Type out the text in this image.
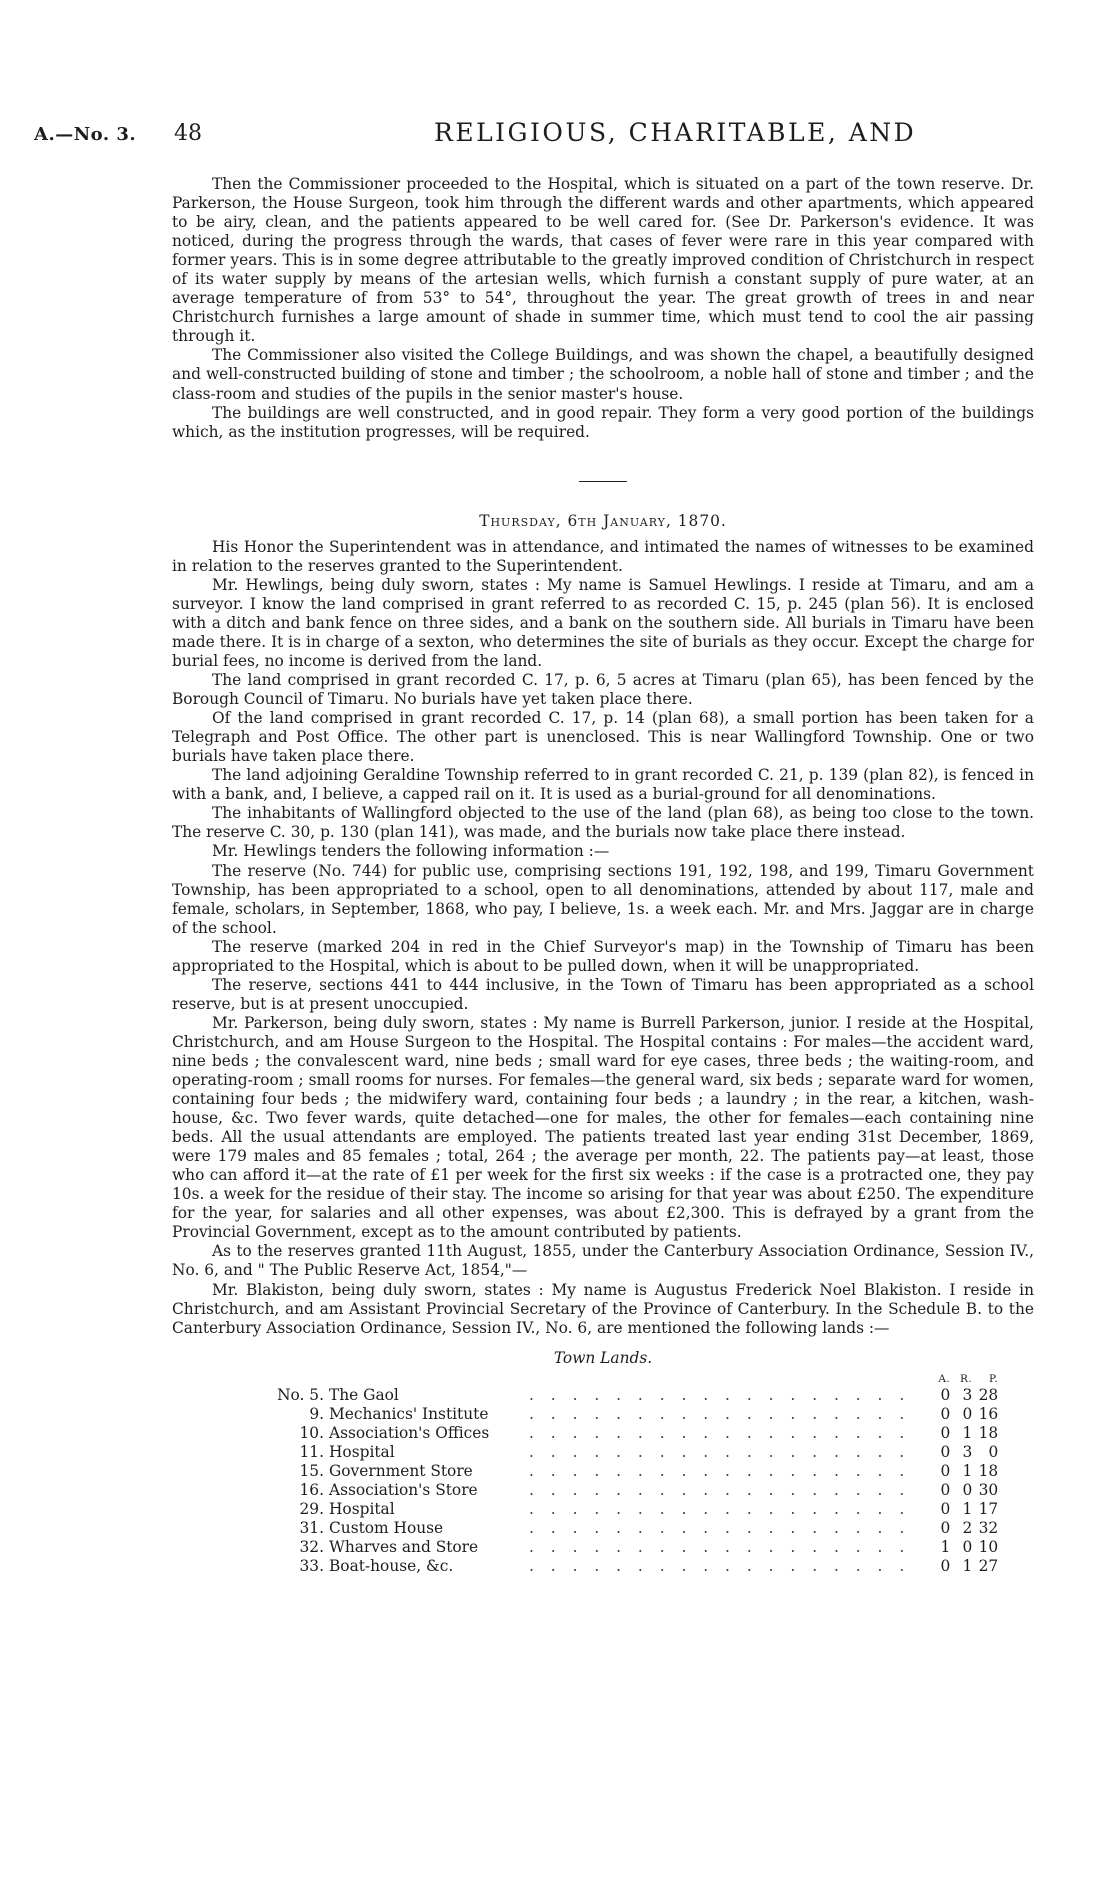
A.—No. 3. 48	RELIGIOUS, CHARITABLE, AND

Then the Commissioner proceeded to the Hospital, which is situated on a part of the town reserve. Dr. Parkerson, the House Surgeon, took him through the different wards and other apartments, which appeared to be airy, clean, and the patients appeared to be well cared for. (See Dr. Parkerson's evidence. It was noticed, during the progress through the wards, that cases of fever were rare in this year compared with former years. This is in some degree attributable to the greatly improved condition of Christchurch in respect of its water supply by means of the artesian wells, which furnish a constant supply of pure water, at an average temperature of from 53° to 54°, throughout the year. The great growth of trees in and near Christchurch furnishes a large amount of shade in summer time, which must tend to cool the air passing through it.

The Commissioner also visited the College Buildings, and was shown the chapel, a beautifully designed and well-constructed building of stone and timber ; the schoolroom, a noble hall of stone and timber ; and the class-room and studies of the pupils in the senior master's house.

The buildings are well constructed, and in good repair. They form a very good portion of the buildings which, as the institution progresses, will be required.

Thursday, 6th January, 1870.

His Honor the Superintendent was in attendance, and intimated the names of witnesses to be examined in relation to the reserves granted to the Superintendent.

Mr. Hewlings, being duly sworn, states : My name is Samuel Hewlings. I reside at Timaru, and am a surveyor. I know the land comprised in grant referred to as recorded C. 15, p. 245 (plan 56). It is enclosed with a ditch and bank fence on three sides, and a bank on the southern side. All burials in Timaru have been made there. It is in charge of a sexton, who determines the site of burials as they occur. Except the charge for burial fees, no income is derived from the land.

The land comprised in grant recorded C. 17, p. 6, 5 acres at Timaru (plan 65), has been fenced by the Borough Council of Timaru. No burials have yet taken place there.

Of the land comprised in grant recorded C. 17, p. 14 (plan 68), a small portion has been taken for a Telegraph and Post Office. The other part is unenclosed. This is near Wallingford Township. One or two burials have taken place there.

The land adjoining Geraldine Township referred to in grant recorded C. 21, p. 139 (plan 82), is fenced in with a bank, and, I believe, a capped rail on it. It is used as a burial-ground for all denominations.

The inhabitants of Wallingford objected to the use of the land (plan 68), as being too close to the town. The reserve C. 30, p. 130 (plan 141), was made, and the burials now take place there instead.

Mr. Hewlings tenders the following information :—

The reserve (No. 744) for public use, comprising sections 191, 192, 198, and 199, Timaru Government Township, has been appropriated to a school, open to all denominations, attended by about 117, male and female, scholars, in September, 1868, who pay, I believe, 1s. a week each. Mr. and Mrs. Jaggar are in charge of the school.

The reserve (marked 204 in red in the Chief Surveyor's map) in the Township of Timaru has been appropriated to the Hospital, which is about to be pulled down, when it will be unappropriated.

The reserve, sections 441 to 444 inclusive, in the Town of Timaru has been appropriated as a school reserve, but is at present unoccupied.

Mr. Parkerson, being duly sworn, states : My name is Burrell Parkerson, junior. I reside at the Hospital, Christchurch, and am House Surgeon to the Hospital. The Hospital contains : For males—the accident ward, nine beds ; the convalescent ward, nine beds ; small ward for eye cases, three beds ; the waiting-room, and operating-room ; small rooms for nurses. For females—the general ward, six beds ; separate ward for women, containing four beds ; the midwifery ward, containing four beds ; a laundry ; in the rear, a kitchen, wash-house, &c. Two fever wards, quite detached—one for males, the other for females—each containing nine beds. All the usual attendants are employed. The patients treated last year ending 31st December, 1869, were 179 males and 85 females ; total, 264 ; the average per month, 22. The patients pay—at least, those who can afford it—at the rate of £1 per week for the first six weeks : if the case is a protracted one, they pay 10s. a week for the residue of their stay. The income so arising for that year was about £250. The expenditure for the year, for salaries and all other expenses, was about £2,300. This is defrayed by a grant from the Provincial Government, except as to the amount contributed by patients.

As to the reserves granted 11th August, 1855, under the Canterbury Association Ordinance, Session IV., No. 6, and " The Public Reserve Act, 1854,"—

Mr. Blakiston, being duly sworn, states : My name is Augustus Frederick Noel Blakiston. I reside in Christchurch, and am Assistant Provincial Secretary of the Province of Canterbury. In the Schedule B. to the Canterbury Association Ordinance, Session IV., No. 6, are mentioned the following lands :—

Town Lands.
			A.	R.	P.
No. 5.	The Gaol	. . . . . . . . . . . . . . . . . .	0	3	28
9.	Mechanics' Institute	. . . . . . . . . . . . . . . . . .	0	0	16
10.	Association's Offices	. . . . . . . . . . . . . . . . . .	0	1	18
11.	Hospital	. . . . . . . . . . . . . . . . . .	0	3	0
15.	Government Store	. . . . . . . . . . . . . . . . . .	0	1	18
16.	Association's Store	. . . . . . . . . . . . . . . . . .	0	0	30
29.	Hospital	. . . . . . . . . . . . . . . . . .	0	1	17
31.	Custom House	. . . . . . . . . . . . . . . . . .	0	2	32
32.	Wharves and Store	. . . . . . . . . . . . . . . . . .	1	0	10
33.	Boat-house, &c.	. . . . . . . . . . . . . . . . . .	0	1	27
